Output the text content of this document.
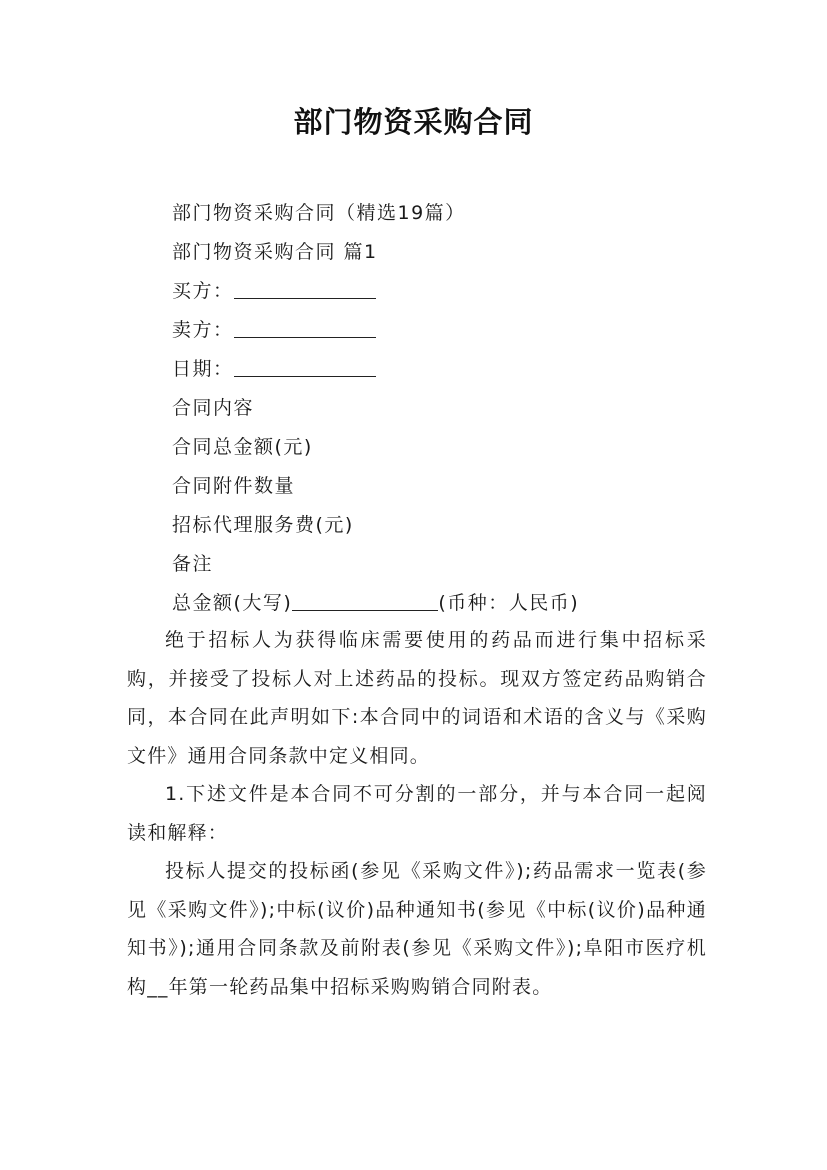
部门物资采购合同
部门物资采购合同（精选19篇）
部门物资采购合同 篇1
买方：
卖方：
日期：
合同内容
合同总金额(元)
合同附件数量
招标代理服务费(元)
备注
总金额(大写)	(币种：人民币)
绝于招标人为获得临床需要使用的药品而进行集中招标采购，并接受了投标人对上述药品的投标。现双方签定药品购销合同，本合同在此声明如下:本合同中的词语和术语的含义与《采购文件》通用合同条款中定义相同。
1.下述文件是本合同不可分割的一部分，并与本合同一起阅读和解释：
投标人提交的投标函(参见《采购文件》);药品需求一览表(参见《采购文件》);中标(议价)品种通知书(参见《中标(议价)品种通知书》);通用合同条款及前附表(参见《采购文件》);阜阳市医疗机构__年第一轮药品集中招标采购购销合同附表。
